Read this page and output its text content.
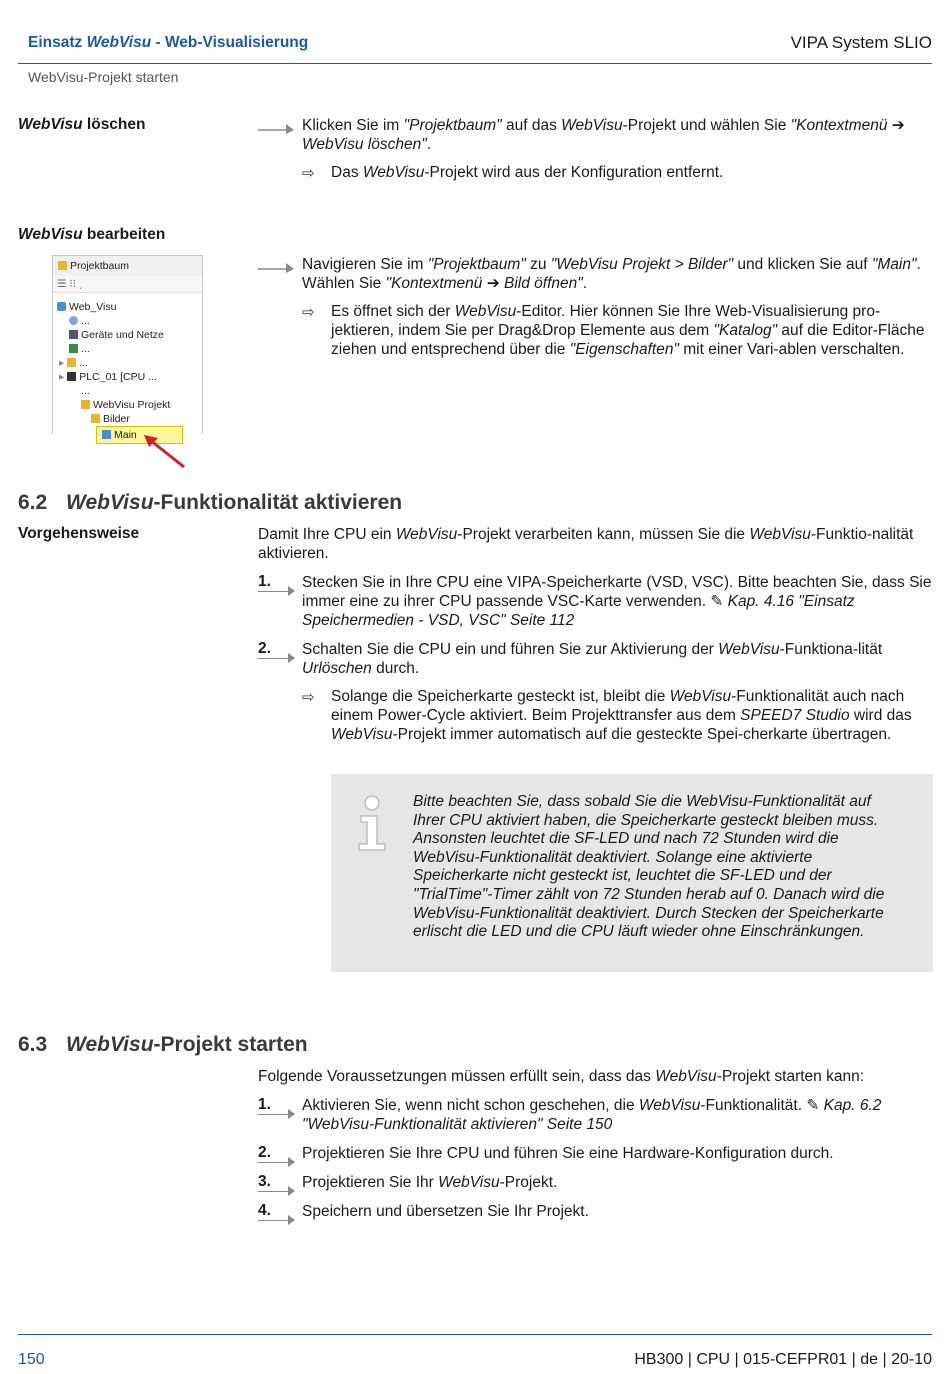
Einsatz WebVisu - Web-Visualisierung	VIPA System SLIO
WebVisu-Projekt starten
WebVisu löschen	Klicken Sie im "Projektbaum" auf das WebVisu-Projekt und wählen Sie "Kontextmenü ➔ WebVisu löschen".
⇨ Das WebVisu-Projekt wird aus der Konfiguration entfernt.
WebVisu bearbeiten
Projektbaum
☰ ⁝⁝ ˯
Web_Visu
...
Geräte und Netze
...
▸ ...
▸ PLC_01 [CPU ...
...
WebVisu Projekt
Bilder
Main
Navigieren Sie im "Projektbaum" zu "WebVisu Projekt > Bilder" und klicken Sie auf "Main". Wählen Sie "Kontextmenü ➔ Bild öffnen".
⇨ Es öffnet sich der WebVisu-Editor. Hier können Sie Ihre Web-Visualisierung pro-jektieren, indem Sie per Drag&Drop Elemente aus dem "Katalog" auf die Editor-Fläche ziehen und entsprechend über die "Eigenschaften" mit einer Vari-ablen verschalten.
6.2 WebVisu-Funktionalität aktivieren
Vorgehensweise	Damit Ihre CPU ein WebVisu-Projekt verarbeiten kann, müssen Sie die WebVisu-Funktio-nalität aktivieren.
1. Stecken Sie in Ihre CPU eine VIPA-Speicherkarte (VSD, VSC). Bitte beachten Sie, dass Sie immer eine zu ihrer CPU passende VSC-Karte verwenden. ✎ Kap. 4.16 "Einsatz Speichermedien - VSD, VSC" Seite 112
2. Schalten Sie die CPU ein und führen Sie zur Aktivierung der WebVisu-Funktiona-lität Urlöschen durch.
⇨ Solange die Speicherkarte gesteckt ist, bleibt die WebVisu-Funktionalität auch nach einem Power-Cycle aktiviert. Beim Projekttransfer aus dem SPEED7 Studio wird das WebVisu-Projekt immer automatisch auf die gesteckte Spei-cherkarte übertragen.
Bitte beachten Sie, dass sobald Sie die WebVisu-Funktionalität auf Ihrer CPU aktiviert haben, die Speicherkarte gesteckt bleiben muss. Ansonsten leuchtet die SF-LED und nach 72 Stunden wird die WebVisu-Funktionalität deaktiviert. Solange eine aktivierte Speicherkarte nicht gesteckt ist, leuchtet die SF-LED und der "TrialTime"-Timer zählt von 72 Stunden herab auf 0. Danach wird die WebVisu-Funktionalität deaktiviert. Durch Stecken der Speicherkarte erlischt die LED und die CPU läuft wieder ohne Einschränkungen.
6.3 WebVisu-Projekt starten
Folgende Voraussetzungen müssen erfüllt sein, dass das WebVisu-Projekt starten kann:
1. Aktivieren Sie, wenn nicht schon geschehen, die WebVisu-Funktionalität. ✎ Kap. 6.2 "WebVisu-Funktionalität aktivieren" Seite 150
2. Projektieren Sie Ihre CPU und führen Sie eine Hardware-Konfiguration durch.
3. Projektieren Sie Ihr WebVisu-Projekt.
4. Speichern und übersetzen Sie Ihr Projekt.
150	HB300 | CPU | 015-CEFPR01 | de | 20-10
